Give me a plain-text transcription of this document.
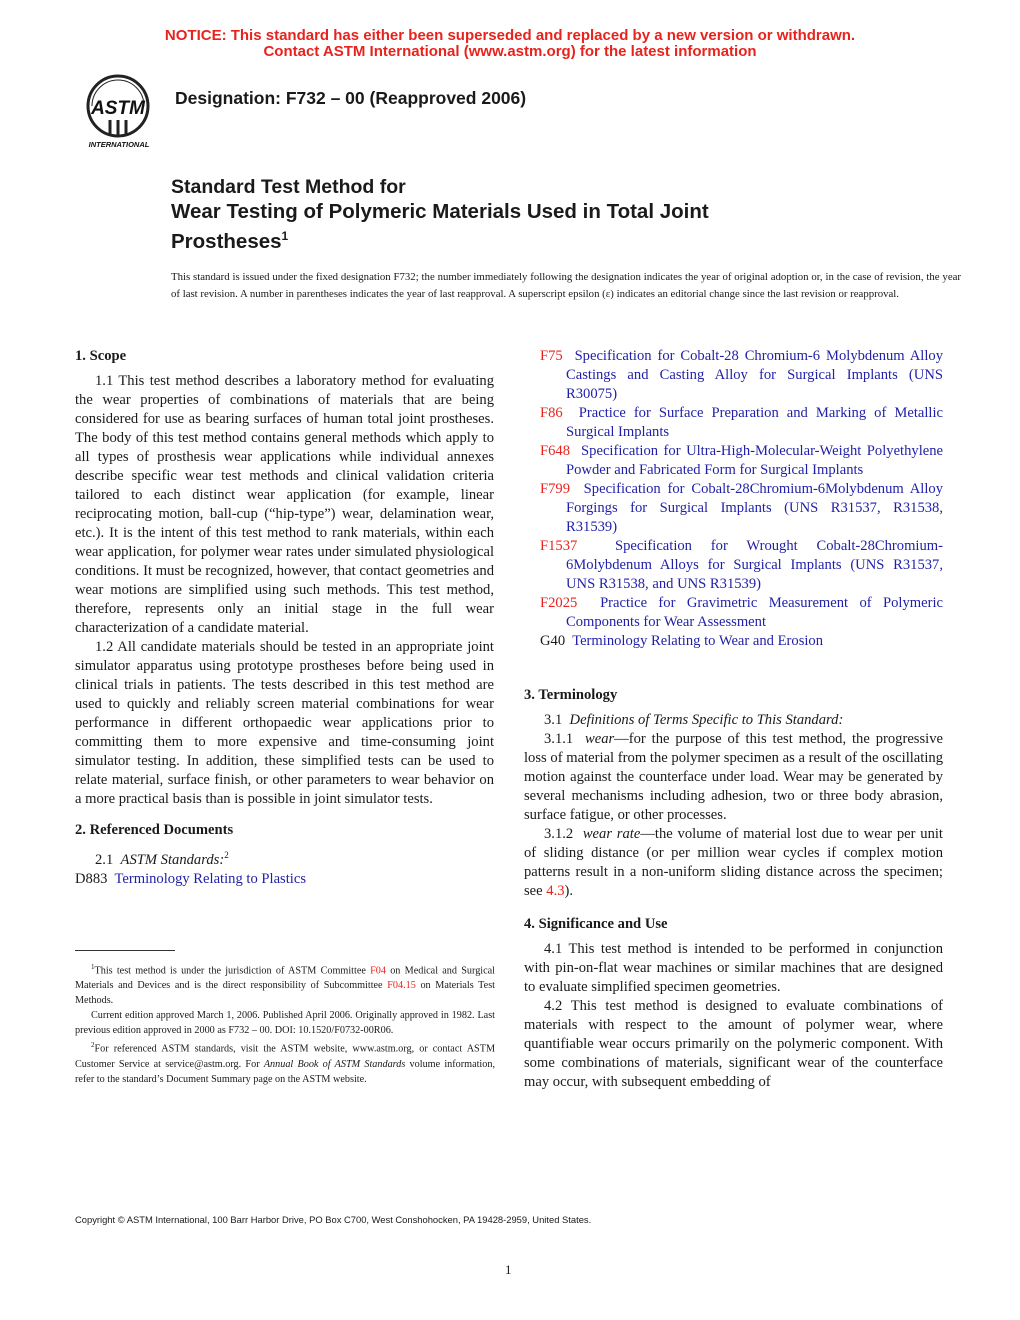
NOTICE: This standard has either been superseded and replaced by a new version or withdrawn.
Contact ASTM International (www.astm.org) for the latest information
ASTM
INTERNATIONAL
Designation: F732 – 00 (Reapproved 2006)
Standard Test Method for
Wear Testing of Polymeric Materials Used in Total Joint Prostheses$^1$
This standard is issued under the fixed designation F732; the number immediately following the designation indicates the year of original adoption or, in the case of revision, the year of last revision. A number in parentheses indicates the year of last reapproval. A superscript epsilon (ε) indicates an editorial change since the last revision or reapproval.

1. Scope

1.1 This test method describes a laboratory method for evaluating the wear properties of combinations of materials that are being considered for use as bearing surfaces of human total joint prostheses. The body of this test method contains general methods which apply to all types of prosthesis wear applications while individual annexes describe specific wear test methods and clinical validation criteria tailored to each distinct wear application (for example, linear reciprocating motion, ball-cup (“hip-type”) wear, delamination wear, etc.). It is the intent of this test method to rank materials, within each wear application, for polymer wear rates under simulated physiological conditions. It must be recognized, however, that contact geometries and wear motions are simplified using such methods. This test method, therefore, represents only an initial stage in the full wear characterization of a candidate material.

1.2 All candidate materials should be tested in an appropriate joint simulator apparatus using prototype prostheses before being used in clinical trials in patients. The tests described in this test method are used to quickly and reliably screen material combinations for wear performance in different orthopaedic wear applications prior to committing them to more expensive and time-consuming joint simulator testing. In addition, these simplified tests can be used to relate material, surface finish, or other parameters to wear behavior on a more practical basis than is possible in joint simulator tests.

2. Referenced Documents

2.1 ASTM Standards:$^2$

D883 Terminology Relating to Plastics

$^1$This test method is under the jurisdiction of ASTM Committee F04 on Medical and Surgical Materials and Devices and is the direct responsibility of Subcommittee F04.15 on Materials Test Methods.

Current edition approved March 1, 2006. Published April 2006. Originally approved in 1982. Last previous edition approved in 2000 as F732 – 00. DOI: 10.1520/F0732-00R06.

$^2$For referenced ASTM standards, visit the ASTM website, www.astm.org, or contact ASTM Customer Service at service@astm.org. For Annual Book of ASTM Standards volume information, refer to the standard’s Document Summary page on the ASTM website.

F75 Specification for Cobalt-28 Chromium-6 Molybdenum Alloy Castings and Casting Alloy for Surgical Implants (UNS R30075)

F86 Practice for Surface Preparation and Marking of Metallic Surgical Implants

F648 Specification for Ultra-High-Molecular-Weight Polyethylene Powder and Fabricated Form for Surgical Implants

F799 Specification for Cobalt-28Chromium-6Molybdenum Alloy Forgings for Surgical Implants (UNS R31537, R31538, R31539)

F1537	Specification for Wrought Cobalt-28Chromium-6Molybdenum Alloys for Surgical Implants (UNS R31537, UNS R31538, and UNS R31539)

F2025 Practice for Gravimetric Measurement of Polymeric Components for Wear Assessment

G40 Terminology Relating to Wear and Erosion

3. Terminology

3.1 Definitions of Terms Specific to This Standard:

3.1.1 wear—for the purpose of this test method, the progressive loss of material from the polymer specimen as a result of the oscillating motion against the counterface under load. Wear may be generated by several mechanisms including adhesion, two or three body abrasion, surface fatigue, or other processes.

3.1.2 wear rate—the volume of material lost due to wear per unit of sliding distance (or per million wear cycles if complex motion patterns result in a non-uniform sliding distance across the specimen; see 4.3).

4. Significance and Use

4.1 This test method is intended to be performed in conjunction with pin-on-flat wear machines or similar machines that are designed to evaluate simplified specimen geometries.

4.2 This test method is designed to evaluate combinations of materials with respect to the amount of polymer wear, where quantifiable wear occurs primarily on the polymeric component. With some combinations of materials, significant wear of the counterface may occur, with subsequent embedding of

Copyright © ASTM International, 100 Barr Harbor Drive, PO Box C700, West Conshohocken, PA 19428-2959, United States.
1
